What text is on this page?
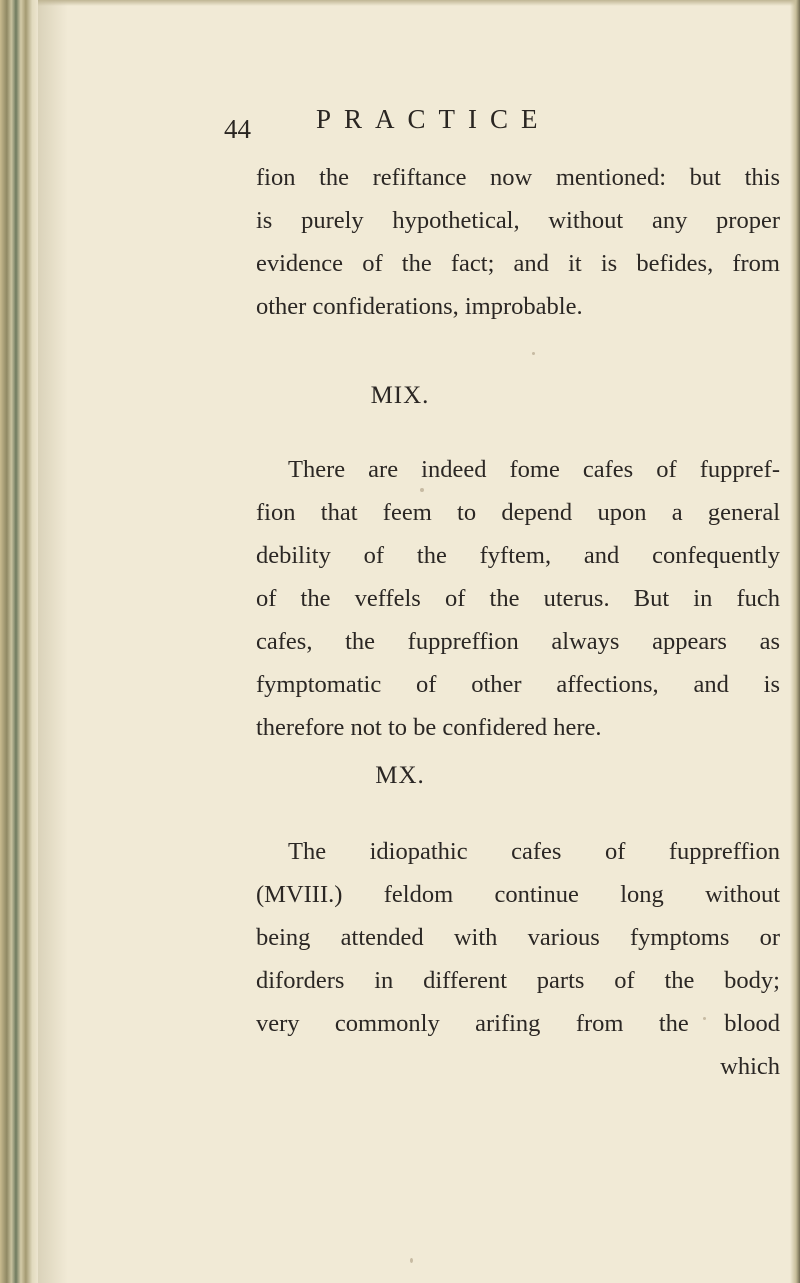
44 PRACTICE
fion the refiftance now mentioned: but this
is purely hypothetical, without any proper
evidence of the fact; and it is befides, from
other confiderations, improbable.
MIX.
There are indeed fome cafes of fuppref-
fion that feem to depend upon a general
debility of the fyftem, and confequently
of the veffels of the uterus. But in fuch
cafes, the fuppreffion always appears as
fymptomatic of other affections, and is
therefore not to be confidered here.
MX.
The idiopathic cafes of fuppreffion
(MVIII.) feldom continue long without
being attended with various fymptoms or
diforders in different parts of the body;
very commonly arifing from the blood
which
